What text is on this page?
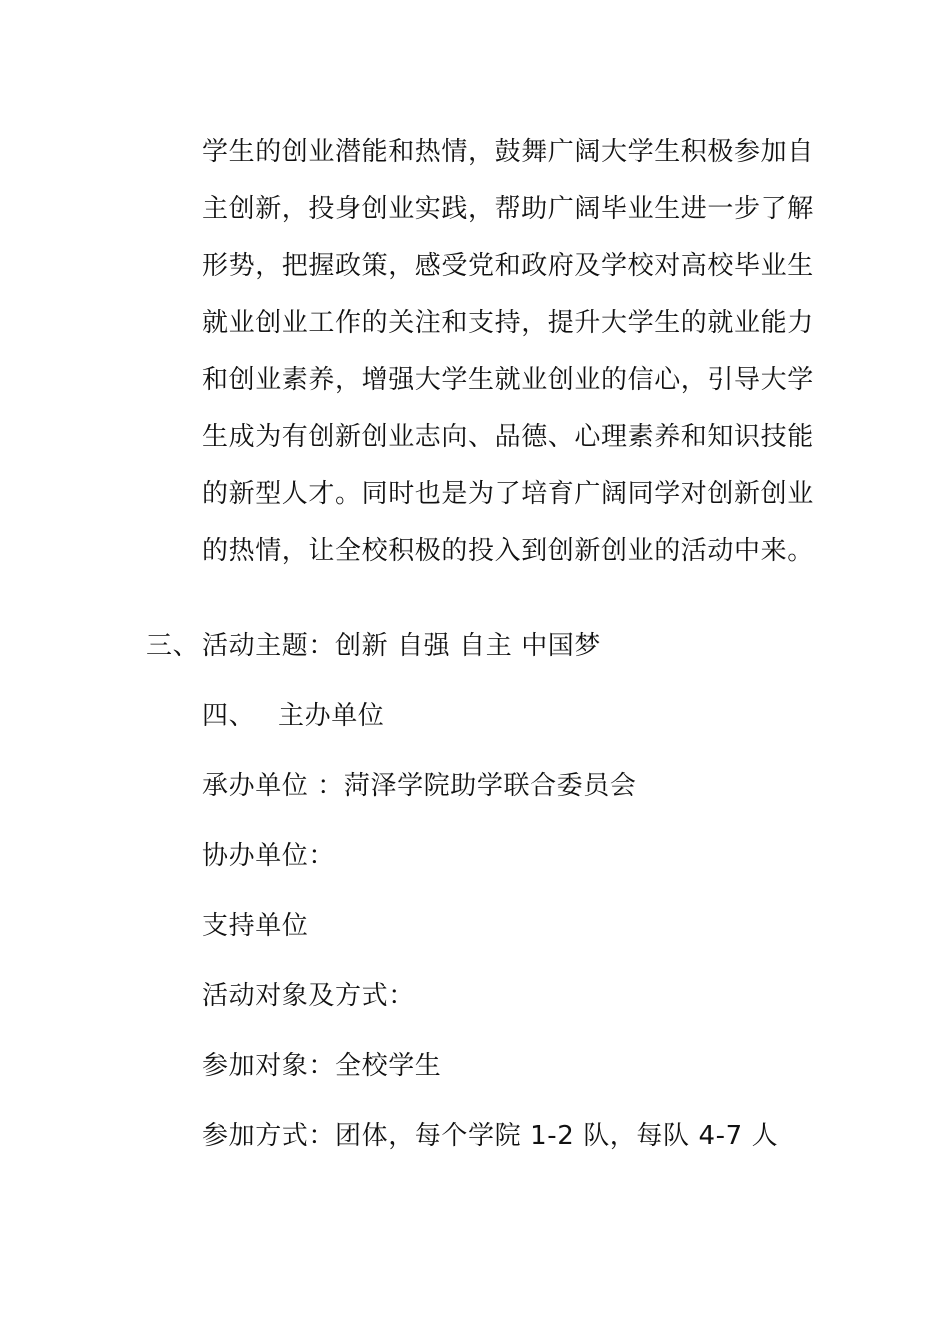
学生的创业潜能和热情，鼓舞广阔大学生积极参加自
主创新，投身创业实践，帮助广阔毕业生进一步了解
形势，把握政策，感受党和政府及学校对高校毕业生
就业创业工作的关注和支持，提升大学生的就业能力
和创业素养，增强大学生就业创业的信心，引导大学
生成为有创新创业志向、品德、心理素养和知识技能
的新型人才。同时也是为了培育广阔同学对创新创业
的热情，让全校积极的投入到创新创业的活动中来。
三、 活动主题：创新 自强 自主 中国梦
四、 主办单位
承办单位 ：菏泽学院助学联合委员会
协办单位：
支持单位
活动对象及方式：
参加对象：全校学生
参加方式：团体，每个学院 1-2 队，每队 4-7 人
